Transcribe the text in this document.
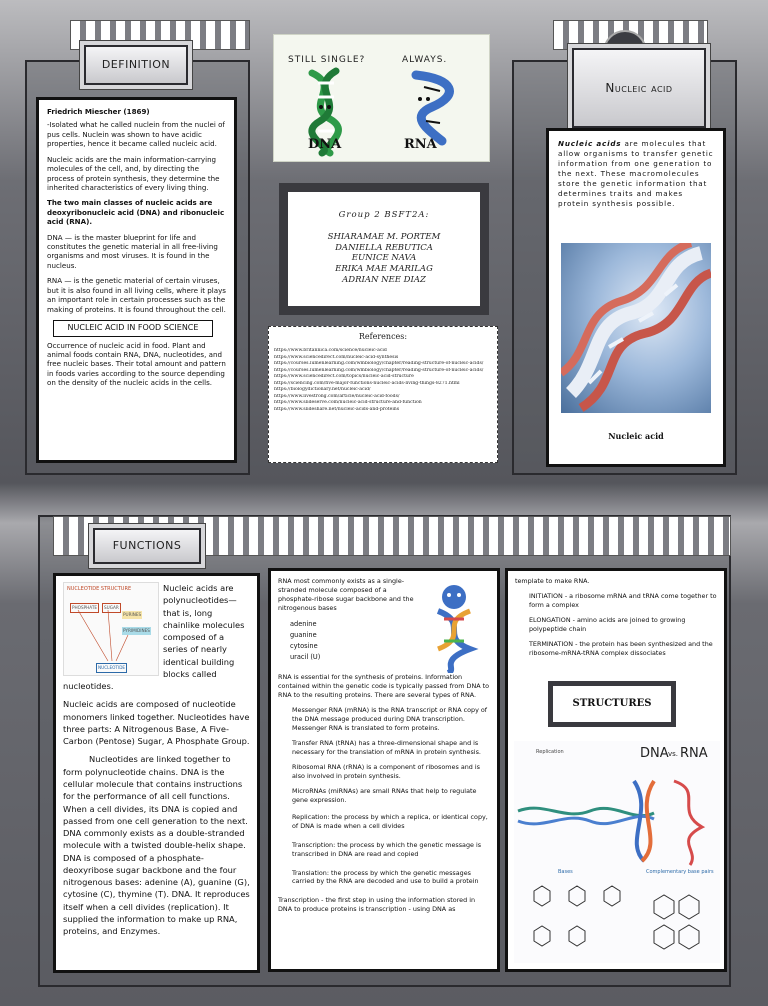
DEFINITION
Friedrich Miescher (1869)

-Isolated what he called nuclein from the nuclei of pus cells. Nuclein was shown to have acidic properties, hence it became called nucleic acid.

Nucleic acids are the main information-carrying molecules of the cell, and, by directing the process of protein synthesis, they determine the inherited characteristics of every living thing.

The two main classes of nucleic acids are deoxyribonucleic acid (DNA) and ribonucleic acid (RNA).

DNA — is the master blueprint for life and constitutes the genetic material in all free-living organisms and most viruses. It is found in the nucleus.

RNA — is the genetic material of certain viruses, but it is also found in all living cells, where it plays an important role in certain processes such as the making of proteins. It is found throughout the cell.

NUCLEIC ACID IN FOOD SCIENCE

Occurrence of nucleic acid in food. Plant and animal foods contain RNA, DNA, nucleotides, and free nucleic bases. Their total amount and pattern in foods varies according to the source depending on the density of the nucleic acids in the cells.

STILL SINGLE?	ALWAYS.
DNA	RNA
Group 2 BSFT2A:
SHIARAMAE M. PORTEM
DANIELLA REBUTICA
EUNICE NAVA
ERIKA MAE MARILAG
ADRIAN NEE DIAZ
References:
https://www.britannica.com/science/nucleic-acid
https://www.sciencedirect.com/nucleic-acid-synthesis
https://courses.lumenlearning.com/wmbiology/chapter/reading-structure-of-nucleic-acids/
https://courses.lumenlearning.com/wmbiology/chapter/reading-structure-of-nucleic-acids/
https://www.sciencedirect.com/topics/nucleic-acid-structure
https://sciencing.com/five-major-functions-nucleic-acids-living-things-8271.html
https://biologydictionary.net/nucleic-acid/
https://www.livestrong.com/article/nucleic-acid-foods/
https://www.slideserve.com/nucleic-acid-structure-and-function
https://www.slideshare.net/nucleic-acids-and-proteins
Nucleic acid
Nucleic acids are molecules that allow organisms to transfer genetic information from one generation to the next. These macromolecules store the genetic information that determines traits and makes protein synthesis possible.
Nucleic acid
FUNCTIONS
NUCLEOTIDE STRUCTURE
PHOSPHATE	SUGAR
PURINES
PYRIMIDINES
NUCLEOTIDE

Nucleic acids are polynucleotides—that is, long chainlike molecules composed of a series of nearly identical building blocks called nucleotides.

Nucleic acids are composed of nucleotide monomers linked together. Nucleotides have three parts: A Nitrogenous Base, A Five-Carbon (Pentose) Sugar, A Phosphate Group.

Nucleotides are linked together to form polynucleotide chains. DNA is the cellular molecule that contains instructions for the performance of all cell functions. When a cell divides, its DNA is copied and passed from one cell generation to the next. DNA commonly exists as a double-stranded molecule with a twisted double-helix shape. DNA is composed of a phosphate-deoxyribose sugar backbone and the four nitrogenous bases: adenine (A), guanine (G), cytosine (C), thymine (T). DNA. It reproduces itself when a cell divides (replication). It supplied the information to make up RNA, proteins, and Enzymes.

RNA most commonly exists as a single-stranded molecule composed of a phosphate-ribose sugar backbone and the nitrogenous bases

adenine
guanine
cytosine
uracil (U)

RNA is essential for the synthesis of proteins. Information contained within the genetic code is typically passed from DNA to RNA to the resulting proteins. There are several types of RNA.

Messenger RNA (mRNA) is the RNA transcript or RNA copy of the DNA message produced during DNA transcription. Messenger RNA is translated to form proteins.
Transfer RNA (tRNA) has a three-dimensional shape and is necessary for the translation of mRNA in protein synthesis.
Ribosomal RNA (rRNA) is a component of ribosomes and is also involved in protein synthesis.
MicroRNAs (miRNAs) are small RNAs that help to regulate gene expression.
Replication: the process by which a replica, or identical copy, of DNA is made when a cell divides
Transcription: the process by which the genetic message is transcribed in DNA are read and copied
Translation: the process by which the genetic messages carried by the RNA are decoded and use to build a protein

Transcription - the first step in using the information stored in DNA to produce proteins is transcription - using DNA as

template to make RNA.

INITIATION - a ribosome mRNA and tRNA come together to form a complex
ELONGATION - amino acids are joined to growing polypeptide chain
TERMINATION - the protein has been synthesized and the ribosome-mRNA-tRNA complex dissociates
STRUCTURES
Replication	DNA vs. RNA
Bases	Complementary base pairs
